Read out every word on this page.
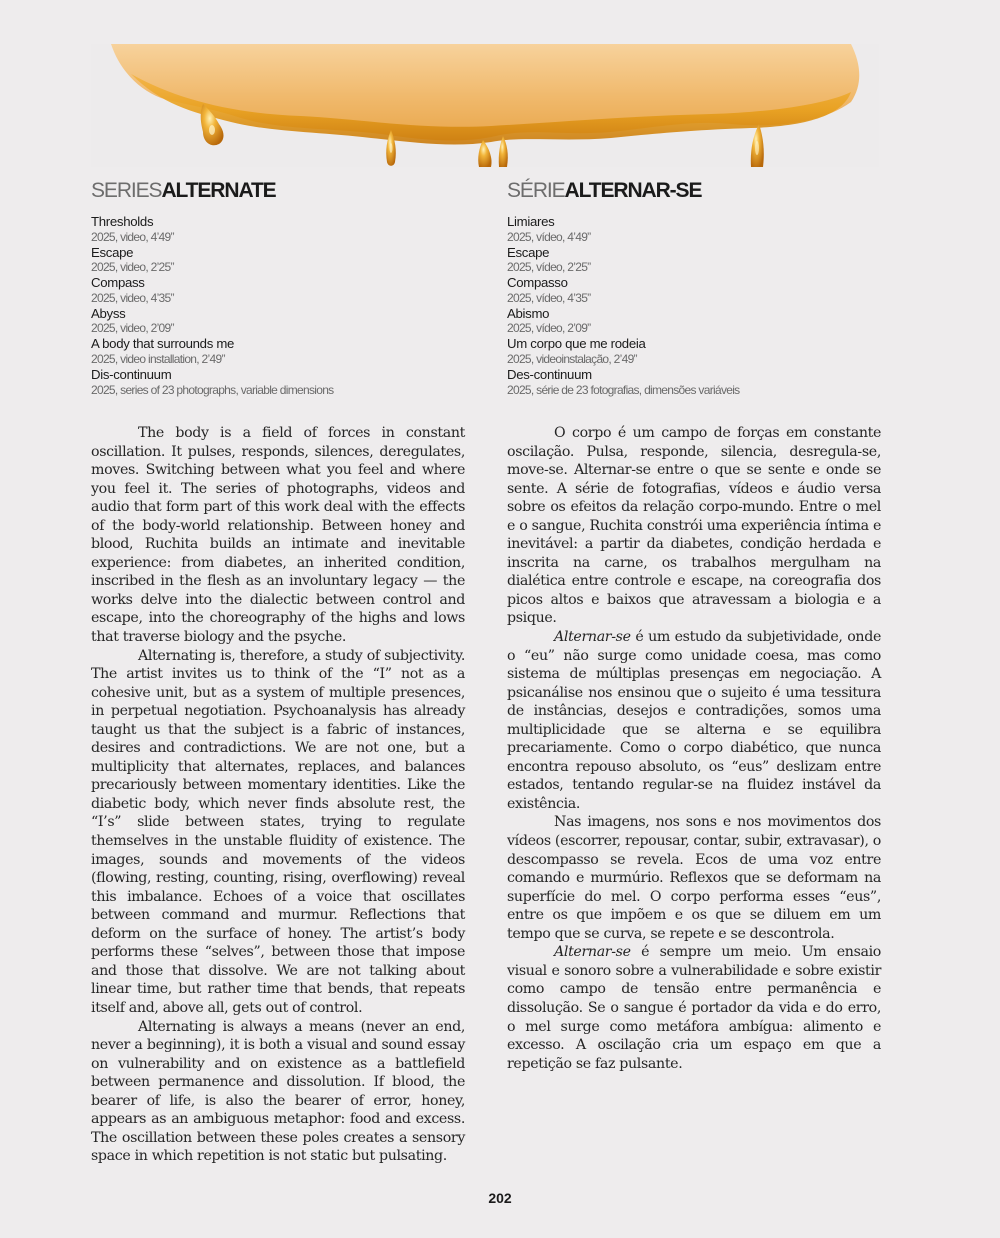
SERIESALTERNATE
Thresholds
2025, video, 4’49”
Escape
2025, video, 2’25”
Compass
2025, video, 4’35”
Abyss
2025, video, 2’09”
A body that surrounds me
2025, video installation, 2’49”
Dis-continuum
2025, series of 23 photographs, variable dimensions
SÉRIEALTERNAR-SE
Limiares
2025, vídeo, 4’49”
Escape
2025, vídeo, 2’25”
Compasso
2025, vídeo, 4’35”
Abismo
2025, vídeo, 2’09”
Um corpo que me rodeia
2025, videoinstalação, 2’49”
Des-continuum
2025, série de 23 fotografias, dimensões variáveis

The body is a field of forces in constant oscillation. It pulses, responds, silences, deregulates, moves. Switching between what you feel and where you feel it. The series of photographs, videos and audio that form part of this work deal with the effects of the body-world relationship. Between honey and blood, Ruchita builds an intimate and inevitable experience: from diabetes, an inherited condition, inscribed in the flesh as an involuntary legacy — the works delve into the dialectic between control and escape, into the choreography of the highs and lows that traverse biology and the psyche.

Alternating is, therefore, a study of subjectivity. The artist invites us to think of the “I” not as a cohesive unit, but as a system of multiple presences, in perpetual negotiation. Psychoanalysis has already taught us that the subject is a fabric of instances, desires and contradictions. We are not one, but a multiplicity that alternates, replaces, and balances precariously between momentary identities. Like the diabetic body, which never finds absolute rest, the “I’s” slide between states, trying to regulate themselves in the unstable fluidity of existence. The images, sounds and movements of the videos (flowing, resting, counting, rising, overflowing) reveal this imbalance. Echoes of a voice that oscillates between command and murmur. Reflections that deform on the surface of honey. The artist’s body performs these “selves”, between those that impose and those that dissolve. We are not talking about linear time, but rather time that bends, that repeats itself and, above all, gets out of control.

Alternating is always a means (never an end, never a beginning), it is both a visual and sound essay on vulnerability and on existence as a battlefield between permanence and dissolution. If blood, the bearer of life, is also the bearer of error, honey, appears as an ambiguous metaphor: food and excess. The oscillation between these poles creates a sensory space in which repetition is not static but pulsating.

O corpo é um campo de forças em constante oscilação. Pulsa, responde, silencia, desregula-se, move-se. Alternar-se entre o que se sente e onde se sente. A série de fotografias, vídeos e áudio versa sobre os efeitos da relação corpo-mundo. Entre o mel e o sangue, Ruchita constrói uma experiência íntima e inevitável: a partir da diabetes, condição herdada e inscrita na carne, os trabalhos mergulham na dialética entre controle e escape, na coreografia dos picos altos e baixos que atravessam a biologia e a psique.

Alternar-se é um estudo da subjetividade, onde o “eu” não surge como unidade coesa, mas como sistema de múltiplas presenças em negociação. A psicanálise nos ensinou que o sujeito é uma tessitura de instâncias, desejos e contradições, somos uma multiplicidade que se alterna e se equilibra precariamente. Como o corpo diabético, que nunca encontra repouso absoluto, os “eus” deslizam entre estados, tentando regular-se na fluidez instável da existência.

Nas imagens, nos sons e nos movimentos dos vídeos (escorrer, repousar, contar, subir, extravasar), o descompasso se revela. Ecos de uma voz entre comando e murmúrio. Reflexos que se deformam na superfície do mel. O corpo performa esses “eus”, entre os que impõem e os que se diluem em um tempo que se curva, se repete e se descontrola.

Alternar-se é sempre um meio. Um ensaio visual e sonoro sobre a vulnerabilidade e sobre existir como campo de tensão entre permanência e dissolução. Se o sangue é portador da vida e do erro, o mel surge como metáfora ambígua: alimento e excesso. A oscilação cria um espaço em que a repetição se faz pulsante.

202
